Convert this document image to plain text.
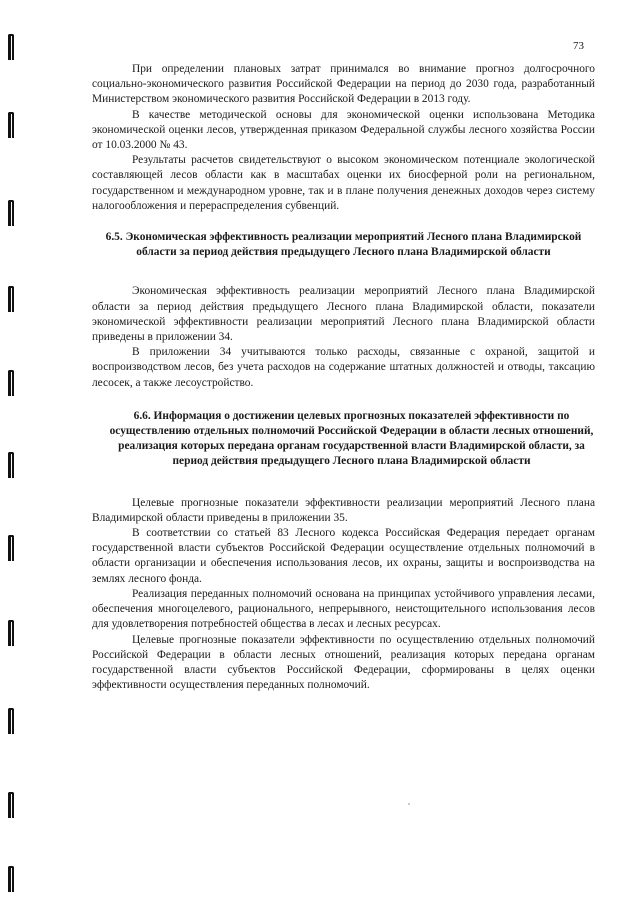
73

При определении плановых затрат принимался во внимание прогноз долгосрочного социально-экономического развития Российской Федерации на период до 2030 года, разработанный Министерством экономического развития Российской Федерации в 2013 году.

В качестве методической основы для экономической оценки использована Методика экономической оценки лесов, утвержденная приказом Федеральной службы лесного хозяйства России от 10.03.2000 № 43.

Результаты расчетов свидетельствуют о высоком экономическом потенциале экологической составляющей лесов области как в масштабах оценки их биосферной роли на региональном, государственном и международном уровне, так и в плане получения денежных доходов через систему налогообложения и перераспределения субвенций.

6.5. Экономическая эффективность реализации мероприятий Лесного плана Владимирской области за период действия предыдущего Лесного плана Владимирской области

Экономическая эффективность реализации мероприятий Лесного плана Владимирской области за период действия предыдущего Лесного плана Владимирской области, показатели экономической эффективности реализации мероприятий Лесного плана Владимирской области приведены в приложении 34.

В приложении 34 учитываются только расходы, связанные с охраной, защитой и воспроизводством лесов, без учета расходов на содержание штатных должностей и отводы, таксацию лесосек, а также лесоустройство.

6.6. Информация о достижении целевых прогнозных показателей эффективности по осуществлению отдельных полномочий Российской Федерации в области лесных отношений, реализация которых передана органам государственной власти Владимирской области, за период действия предыдущего Лесного плана Владимирской области

Целевые прогнозные показатели эффективности реализации мероприятий Лесного плана Владимирской области приведены в приложении 35.

В соответствии со статьей 83 Лесного кодекса Российская Федерация передает органам государственной власти субъектов Российской Федерации осуществление отдельных полномочий в области организации и обеспечения использования лесов, их охраны, защиты и воспроизводства на землях лесного фонда.

Реализация переданных полномочий основана на принципах устойчивого управления лесами, обеспечения многоцелевого, рационального, непрерывного, неистощительного использования лесов для удовлетворения потребностей общества в лесах и лесных ресурсах.

Целевые прогнозные показатели эффективности по осуществлению отдельных полномочий Российской Федерации в области лесных отношений, реализация которых передана органам государственной власти субъектов Российской Федерации, сформированы в целях оценки эффективности осуществления переданных полномочий.
